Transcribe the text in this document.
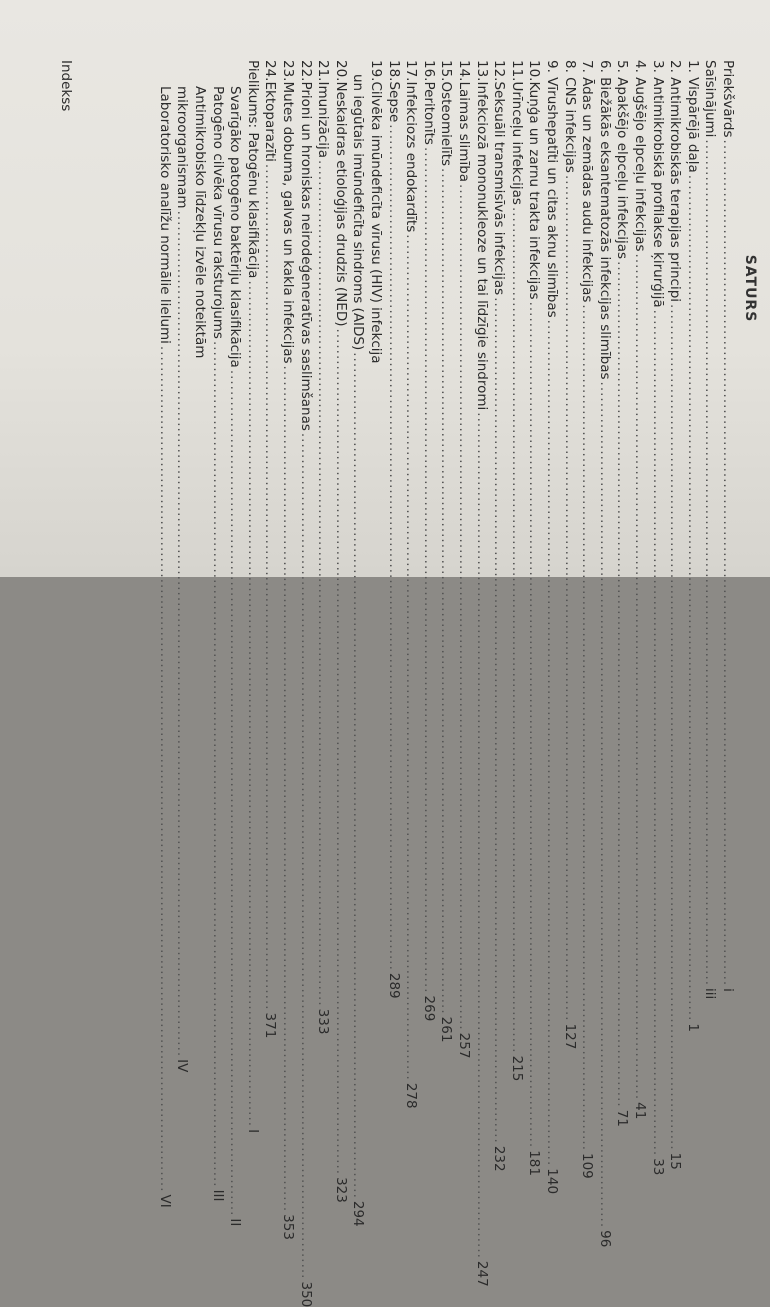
SATURS
Priekšvārds
................................................................................................................................................................
i
Saīsinājumi
................................................................................................................................................................
iii
1. Vispārējā daļa
................................................................................................................................................................
1
2. Antimikrobiskās terapijas principi
................................................................................................................................................................
15
3. Antimikrobiskā profilakse ķirurģijā
................................................................................................................................................................
33
4. Augšējo elpceļu infekcijas
................................................................................................................................................................
41
5. Apakšējo elpceļu infekcijas
................................................................................................................................................................
71
6. Biežākās eksantematozās infekcijas slimības
................................................................................................................................................................
96
7. Ādas un zemādas audu infekcijas
................................................................................................................................................................
109
8. CNS infekcijas
................................................................................................................................................................
127
9. Vīrushepatīti un citas aknu slimības
................................................................................................................................................................
140
10.Kuņģa un zarnu trakta infekcijas
................................................................................................................................................................
181
11.Urīnceļu infekcijas
................................................................................................................................................................
215
12.Seksuāli transmisīvās infekcijas
................................................................................................................................................................
232
13.Infekciozā mononukleoze un tai līdzīgie sindromi
................................................................................................................................................................
247
14.Laimas slimība
................................................................................................................................................................
257
15.Osteomielīts
................................................................................................................................................................
261
16.Peritonīts
................................................................................................................................................................
269
17.Infekciozs endokardīts
................................................................................................................................................................
278
18.Sepse
................................................................................................................................................................
289
19.Cilvēka imūndeficīta vīrusu (HIV) infekcija
un iegūtais imūndeficīta sindroms (AIDS)
................................................................................................................................................................
294
20.Neskaidras etioloģijas drudzis (NED)
................................................................................................................................................................
323
21.Imunizācija
................................................................................................................................................................
333
22.Prioni un hroniskas neirodeģeneratīvas saslimšanas
................................................................................................................................................................
350
23.Mutes dobuma, galvas un kakla infekcijas
................................................................................................................................................................
353
24.Ektoparazīti
................................................................................................................................................................
371
Pielikums: Patogēnu klasifikācija
................................................................................................................................................................
I
Svarīgāko patogēno baktēriju klasifikācija
................................................................................................................................................................
II
Patogēno cilvēka vīrusu raksturojums
................................................................................................................................................................
III
Antimikrobisko līdzekļu izvēle noteiktām
mikroorganismam
................................................................................................................................................................
IV
Laboratoriskо analīžu normālie lielumi
................................................................................................................................................................
VI
Indekss
